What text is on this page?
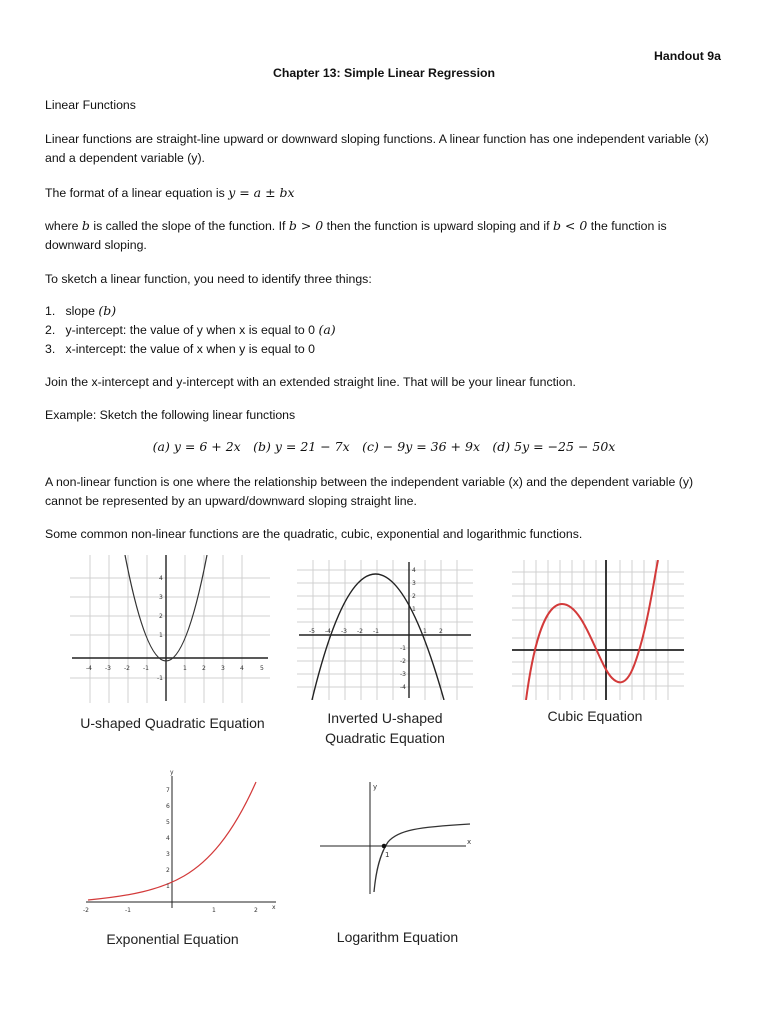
Handout 9a
Chapter 13: Simple Linear Regression
Linear Functions
Linear functions are straight-line upward or downward sloping functions. A linear function has one independent variable (x) and a dependent variable (y).
The format of a linear equation is y = a ± bx
where b is called the slope of the function. If b > 0 then the function is upward sloping and if b < 0 the function is downward sloping.
To sketch a linear function, you need to identify three things:
1. slope (b)
2. y-intercept: the value of y when x is equal to 0 (a)
3. x-intercept: the value of x when y is equal to 0
Join the x-intercept and y-intercept with an extended straight line. That will be your linear function.
Example: Sketch the following linear functions
(a) y = 6 + 2x (b) y = 21 − 7x (c) − 9y = 36 + 9x (d) 5y = −25 − 50x
A non-linear function is one where the relationship between the independent variable (x) and the dependent variable (y) cannot be represented by an upward/downward sloping straight line.
Some common non-linear functions are the quadratic, cubic, exponential and logarithmic functions.
-4 -3 -2 -1	1	2	3	4	5
4
3
2
1
-1
U-shaped Quadratic Equation
-5 -4 -3 -2 -1	1 2
4
3
2
1
-1
-2
-3
-4
Inverted U-shaped
Quadratic Equation
Cubic Equation
-2	-1	1	2
7
6
5
4
3
2
1
y
x
Exponential Equation
y
x
1
Logarithm Equation
